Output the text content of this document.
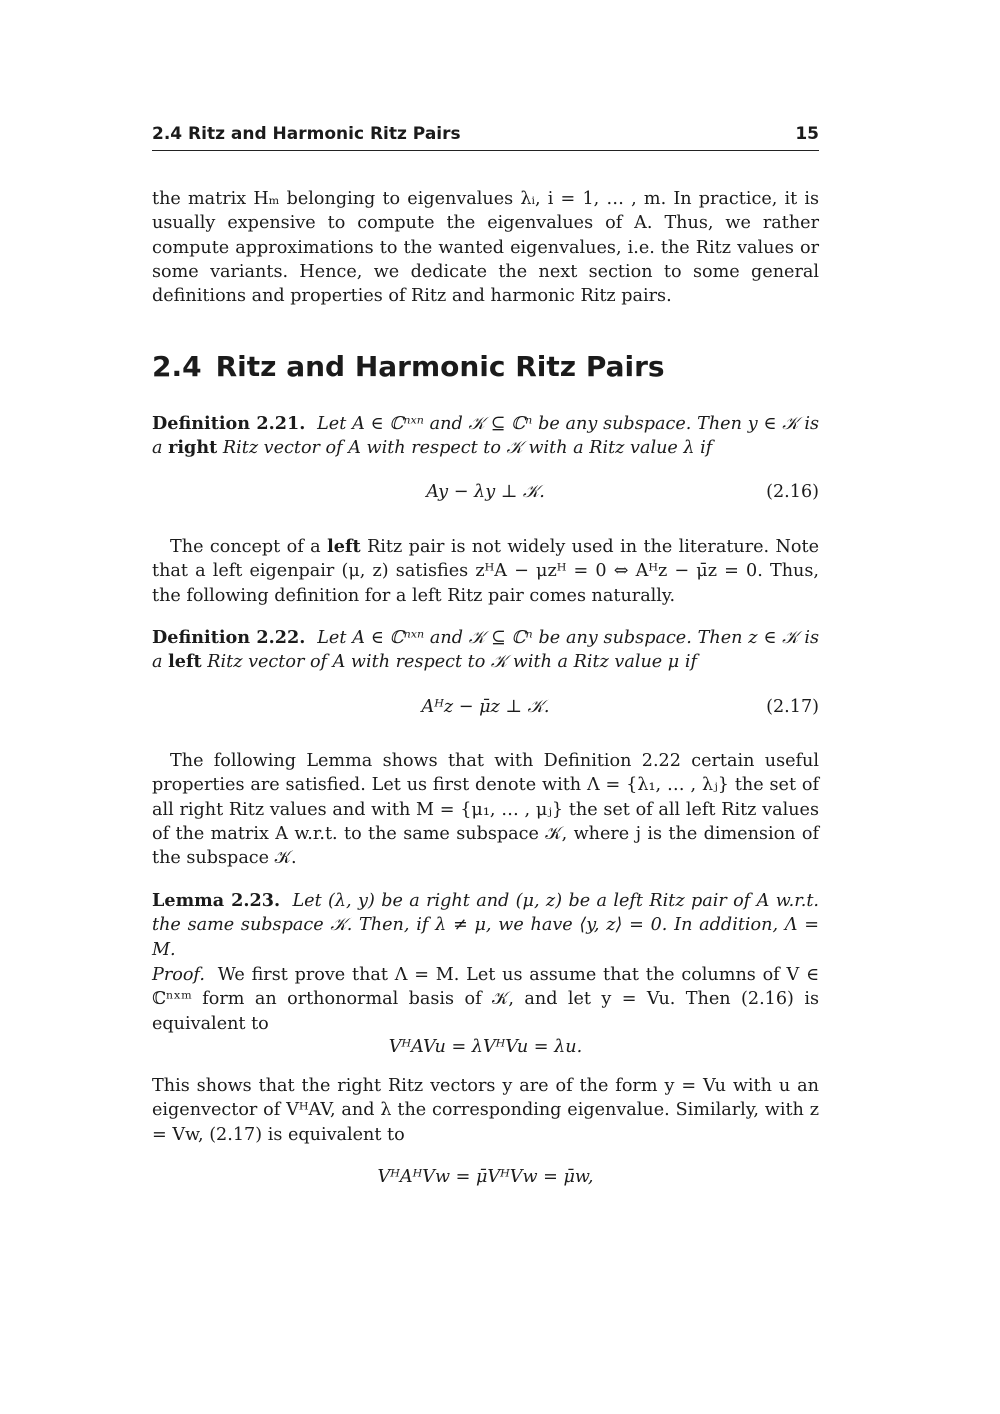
2.4 Ritz and Harmonic Ritz Pairs	15

the matrix Hₘ belonging to eigenvalues λᵢ, i = 1, … , m. In practice, it is usually expensive to compute the eigenvalues of A. Thus, we rather compute approximations to the wanted eigenvalues, i.e. the Ritz values or some variants. Hence, we dedicate the next section to some general definitions and properties of Ritz and harmonic Ritz pairs.

2.4 Ritz and Harmonic Ritz Pairs

Definition 2.21. Let A ∈ ℂⁿˣⁿ and 𝒦 ⊆ ℂⁿ be any subspace. Then y ∈ 𝒦 is a right Ritz vector of A with respect to 𝒦 with a Ritz value λ if

Ay − λy ⊥ 𝒦.	(2.16)

The concept of a left Ritz pair is not widely used in the literature. Note that a left eigenpair (μ, z) satisfies zᴴA − μzᴴ = 0 ⇔ Aᴴz − μ̄z = 0. Thus, the following definition for a left Ritz pair comes naturally.

Definition 2.22. Let A ∈ ℂⁿˣⁿ and 𝒦 ⊆ ℂⁿ be any subspace. Then z ∈ 𝒦 is a left Ritz vector of A with respect to 𝒦 with a Ritz value μ if

Aᴴz − μ̄z ⊥ 𝒦.	(2.17)

The following Lemma shows that with Definition 2.22 certain useful properties are satisfied. Let us first denote with Λ = {λ₁, … , λⱼ} the set of all right Ritz values and with M = {μ₁, … , μⱼ} the set of all left Ritz values of the matrix A w.r.t. to the same subspace 𝒦, where j is the dimension of the subspace 𝒦.

Lemma 2.23. Let (λ, y) be a right and (μ, z) be a left Ritz pair of A w.r.t. the same subspace 𝒦. Then, if λ ≠ μ, we have ⟨y, z⟩ = 0. In addition, Λ = M.

Proof. We first prove that Λ = M. Let us assume that the columns of V ∈ ℂⁿˣᵐ form an orthonormal basis of 𝒦, and let y = Vu. Then (2.16) is equivalent to

VᴴAVu = λVᴴVu = λu.

This shows that the right Ritz vectors y are of the form y = Vu with u an eigenvector of VᴴAV, and λ the corresponding eigenvalue. Similarly, with z = Vw, (2.17) is equivalent to

VᴴAᴴVw = μ̄VᴴVw = μ̄w,
